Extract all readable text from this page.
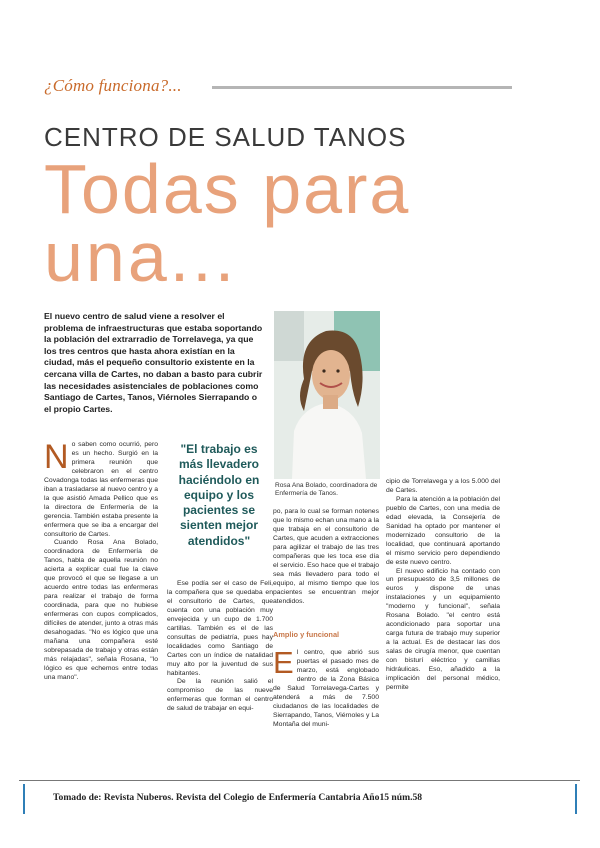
¿Cómo funciona?...
CENTRO DE SALUD TANOS
Todas para
una...
El nuevo centro de salud viene a resolver el problema de infraestructuras que estaba soportando la población del extrarradio de Torrelavega, ya que los tres centros que hasta ahora existían en la ciudad, más el pequeño consultorio existente en la cercana villa de Cartes, no daban a basto para cubrir las necesidades asistenciales de poblaciones como Santiago de Cartes, Tanos, Viérnoles Sierrapando o el propio Cartes.
Rosa Ana Bolado, coordinadora de Enfermería de Tanos.

No saben como ocurrió, pero es un hecho. Surgió en la primera reunión que celebraron en el centro Covadonga todas las enfermeras que iban a trasladarse al nuevo centro y a la que asistió Amada Pellico que es la directora de Enfermería de la gerencia. También estaba presente la enfermera que se iba a encargar del consultorio de Cartes.

Cuando Rosa Ana Bolado, coordinadora de Enfermería de Tanos, habla de aquella reunión no acierta a explicar cual fue la clave que provocó el que se llegase a un acuerdo entre todas las enfermeras para realizar el trabajo de forma coordinada, para que no hubiese enfermeras con cupos complicados, difíciles de atender, junto a otras más desahogadas. "No es lógico que una mañana una compañera esté sobrepasada de trabajo y otras están más relajadas", señala Rosana, "lo lógico es que echemos entre todas una mano".

"El trabajo es más llevadero haciéndolo en equipo y los pacientes se sienten mejor atendidos"

Ese podía ser el caso de Feli, la compañera que se quedaba en el consultorio de Cartes, que cuenta con una población muy envejecida y un cupo de 1.700 cartillas. También es el de las consultas de pediatría, pues hay localidades como Santiago de Cartes con un índice de natalidad muy alto por la juventud de sus habitantes.

De la reunión salió el compromiso de las nueve enfermeras que forman el centro de salud de trabajar en equi-

po, para lo cual se forman notenes que lo mismo echan una mano a la que trabaja en el consultorio de Cartes, que acuden a extracciones para agilizar el trabajo de las tres compañeras que les toca ese día el servicio. Eso hace que el trabajo sea más llevadero para todo el equipo, al mismo tiempo que los pacientes se encuentran mejor atendidos.

Amplio y funcional

El centro, que abrió sus puertas el pasado mes de marzo, está englobado dentro de la Zona Básica de Salud Torrelavega-Cartes y atenderá a más de 7.500 ciudadanos de las localidades de Sierrapando, Tanos, Viérnoles y La Montaña del muni-

cipio de Torrelavega y a los 5.000 del de Cartes.

Para la atención a la población del pueblo de Cartes, con una media de edad elevada, la Consejería de Sanidad ha optado por mantener el modernizado consultorio de la localidad, que continuará aportando el mismo servicio pero dependiendo de este nuevo centro.

El nuevo edificio ha contado con un presupuesto de 3,5 millones de euros y dispone de unas instalaciones y un equipamiento "moderno y funcional", señala Rosana Bolado. "el centro está acondicionado para soportar una carga futura de trabajo muy superior a la actual. Es de destacar las dos salas de cirugía menor, que cuentan con bisturí eléctrico y camillas hidráulicas. Eso, añadido a la implicación del personal médico, permite

Tomado de: Revista Nuberos. Revista del Colegio de Enfermería Cantabria Año15 núm.58
